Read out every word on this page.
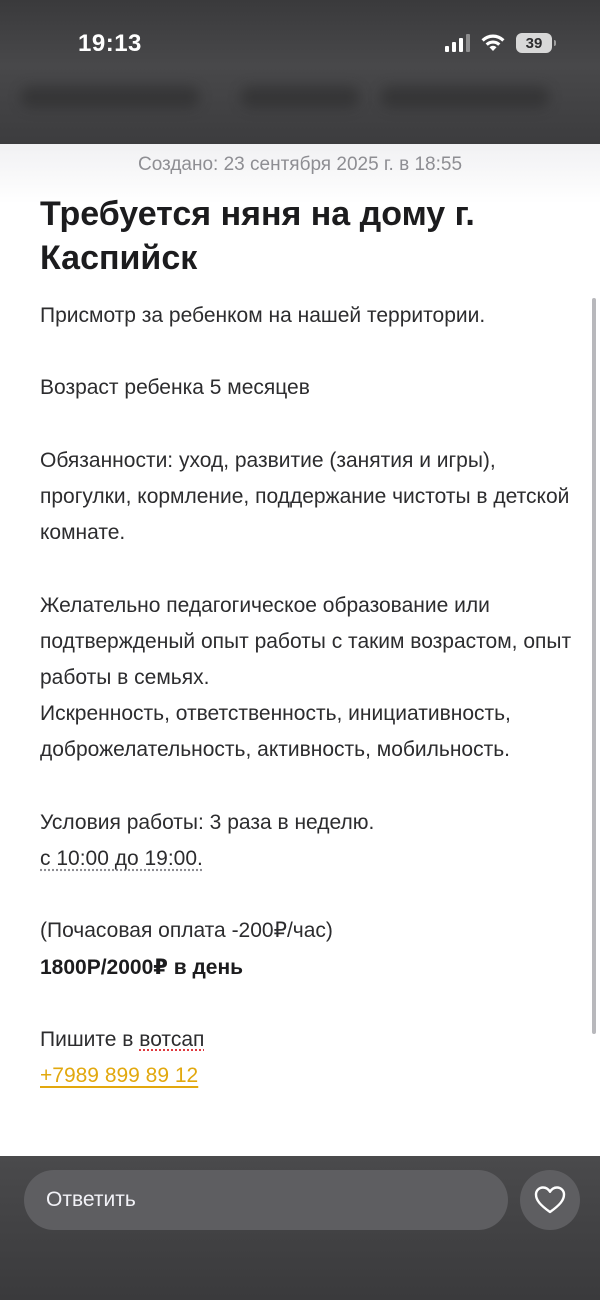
19:13	39
Создано: 23 сентября 2025 г. в 18:55
Требуется няня на дому г. Каспийск

Присмотр за ребенком на нашей территории.

Возраст ребенка 5 месяцев

Обязанности: уход, развитие (занятия и игры), прогулки, кормление, поддержание чистоты в детской комнате.

Желательно педагогическое образование или подтвержденый опыт работы с таким возрастом, опыт работы в семьях.

Искренность, ответственность, инициативность, доброжелательность, активность, мобильность.

Условия работы: 3 раза в неделю.

с 10:00 до 19:00.

(Почасовая оплата -200₽/час)

1800Р/2000₽ в день

Пишите в вотсап

+7989 899 89 12

Ответить
